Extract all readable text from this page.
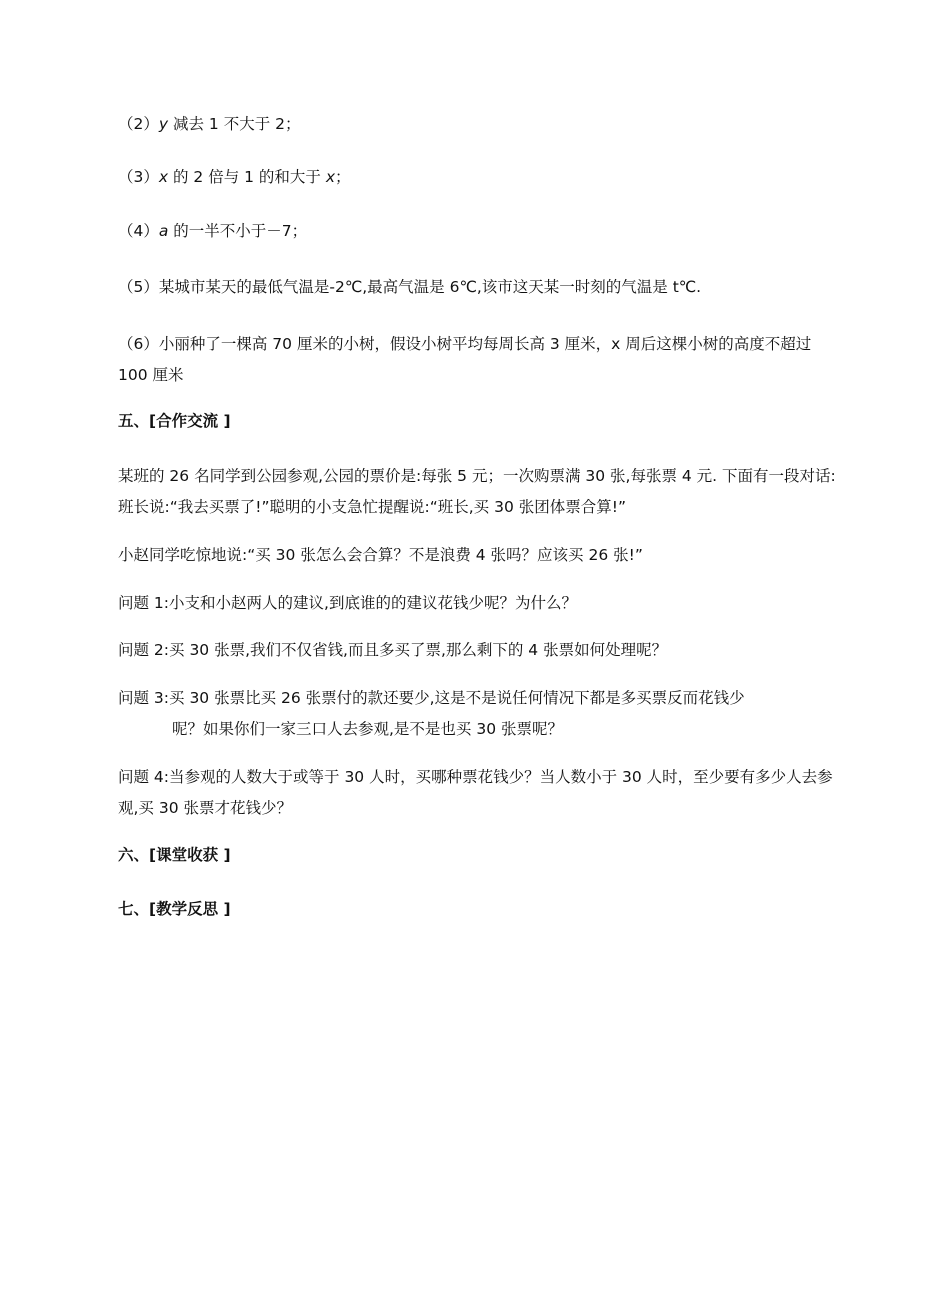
（2）y 减去 1 不大于 2；
（3）x 的 2 倍与 1 的和大于 x；
（4）a 的一半不小于－7；
（5）某城市某天的最低气温是-2℃,最高气温是 6℃,该市这天某一时刻的气温是 t℃.
（6）小丽种了一棵高 70 厘米的小树，假设小树平均每周长高 3 厘米，x 周后这棵小树的高度不超过 100 厘米
五、[合作交流 ]
某班的 26 名同学到公园参观,公园的票价是:每张 5 元；一次购票满 30 张,每张票 4 元. 下面有一段对话:班长说:“我去买票了!”聪明的小支急忙提醒说:“班长,买 30 张团体票合算!”
小赵同学吃惊地说:“买 30 张怎么会合算？不是浪费 4 张吗？应该买 26 张!”
问题 1:小支和小赵两人的建议,到底谁的的建议花钱少呢？为什么？
问题 2:买 30 张票,我们不仅省钱,而且多买了票,那么剩下的 4 张票如何处理呢？
问题 3:买 30 张票比买 26 张票付的款还要少,这是不是说任何情况下都是多买票反而花钱少
呢？如果你们一家三口人去参观,是不是也买 30 张票呢？
问题 4:当参观的人数大于或等于 30 人时，买哪种票花钱少？当人数小于 30 人时，至少要有多少人去参观,买 30 张票才花钱少？
六、[课堂收获 ]
七、[教学反思 ]
